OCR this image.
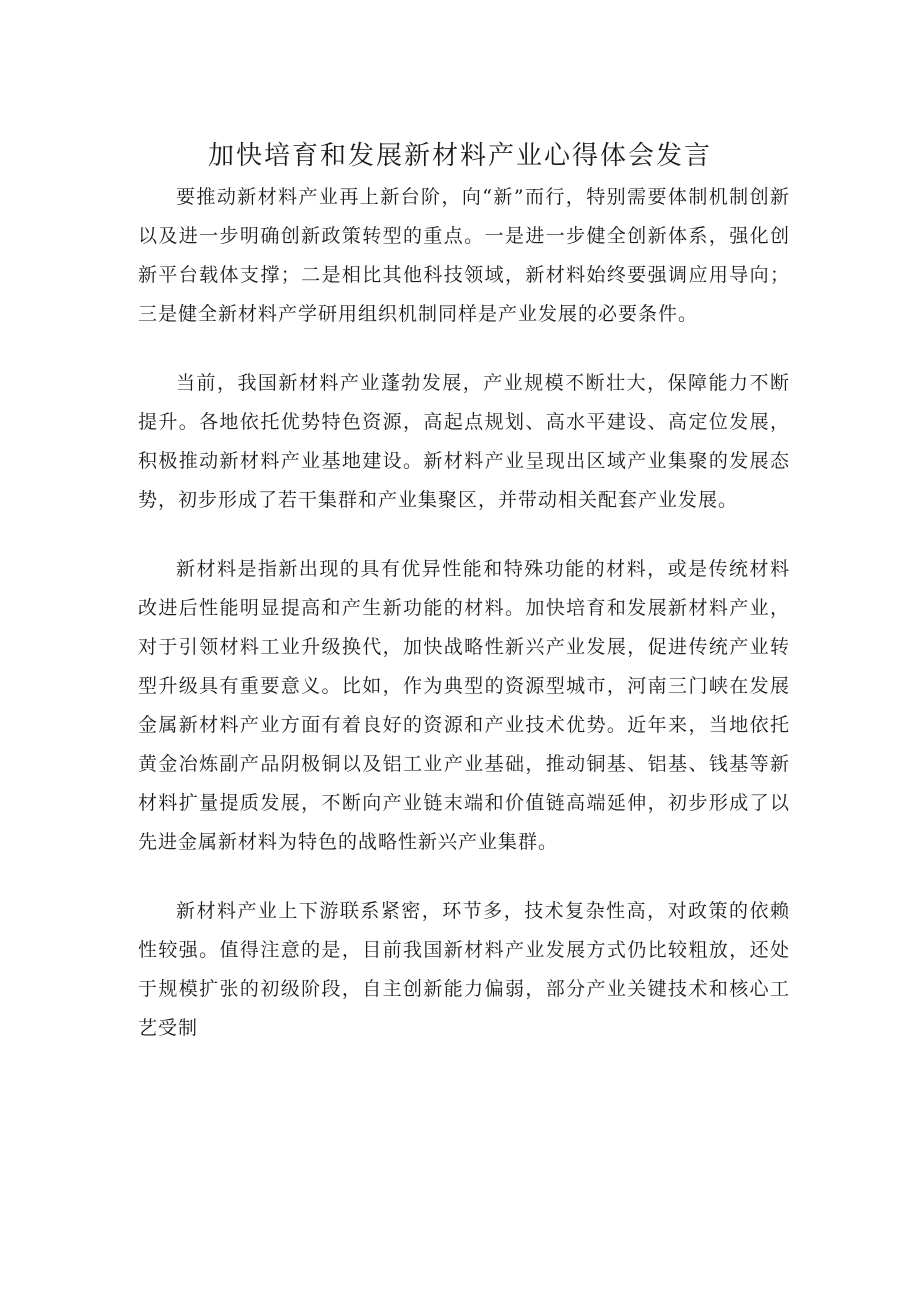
加快培育和发展新材料产业心得体会发言

要推动新材料产业再上新台阶，向“新”而行，特别需要体制机制创新以及进一步明确创新政策转型的重点。一是进一步健全创新体系，强化创新平台载体支撑；二是相比其他科技领域，新材料始终要强调应用导向；三是健全新材料产学研用组织机制同样是产业发展的必要条件。

当前，我国新材料产业蓬勃发展，产业规模不断壮大，保障能力不断提升。各地依托优势特色资源，高起点规划、高水平建设、高定位发展，积极推动新材料产业基地建设。新材料产业呈现出区域产业集聚的发展态势，初步形成了若干集群和产业集聚区，并带动相关配套产业发展。

新材料是指新出现的具有优异性能和特殊功能的材料，或是传统材料改进后性能明显提高和产生新功能的材料。加快培育和发展新材料产业，对于引领材料工业升级换代，加快战略性新兴产业发展，促进传统产业转型升级具有重要意义。比如，作为典型的资源型城市，河南三门峡在发展金属新材料产业方面有着良好的资源和产业技术优势。近年来，当地依托黄金冶炼副产品阴极铜以及铝工业产业基础，推动铜基、铝基、钱基等新材料扩量提质发展，不断向产业链末端和价值链高端延伸，初步形成了以先进金属新材料为特色的战略性新兴产业集群。

新材料产业上下游联系紧密，环节多，技术复杂性高，对政策的依赖性较强。值得注意的是，目前我国新材料产业发展方式仍比较粗放，还处于规模扩张的初级阶段，自主创新能力偏弱，部分产业关键技术和核心工艺受制
